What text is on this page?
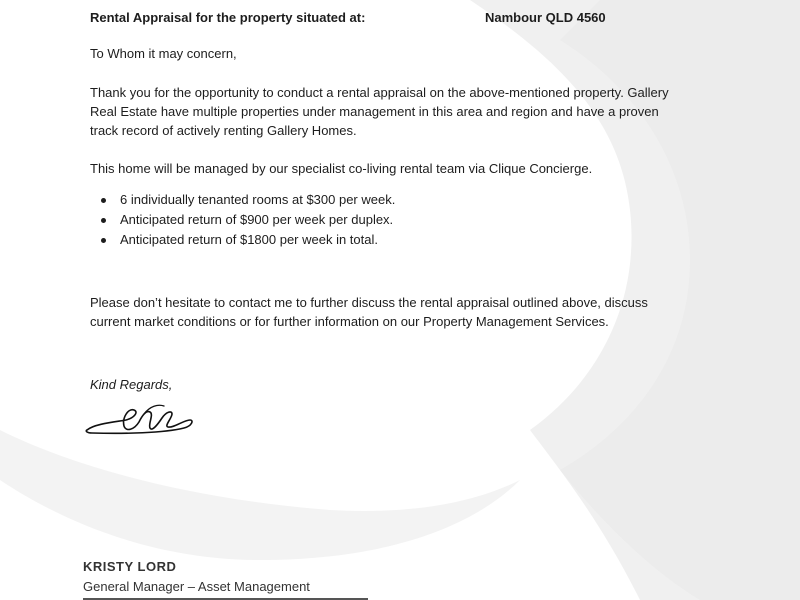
Rental Appraisal for the property situated at:	Nambour QLD 4560

To Whom it may concern,

Thank you for the opportunity to conduct a rental appraisal on the above-mentioned property. Gallery Real Estate have multiple properties under management in this area and region and have a proven track record of actively renting Gallery Homes.

This home will be managed by our specialist co-living rental team via Clique Concierge.

6 individually tenanted rooms at $300 per week.
Anticipated return of $900 per week per duplex.
Anticipated return of $1800 per week in total.

Please don’t hesitate to contact me to further discuss the rental appraisal outlined above, discuss current market conditions or for further information on our Property Management Services.

Kind Regards,
KRISTY LORD
General Manager – Asset Management
